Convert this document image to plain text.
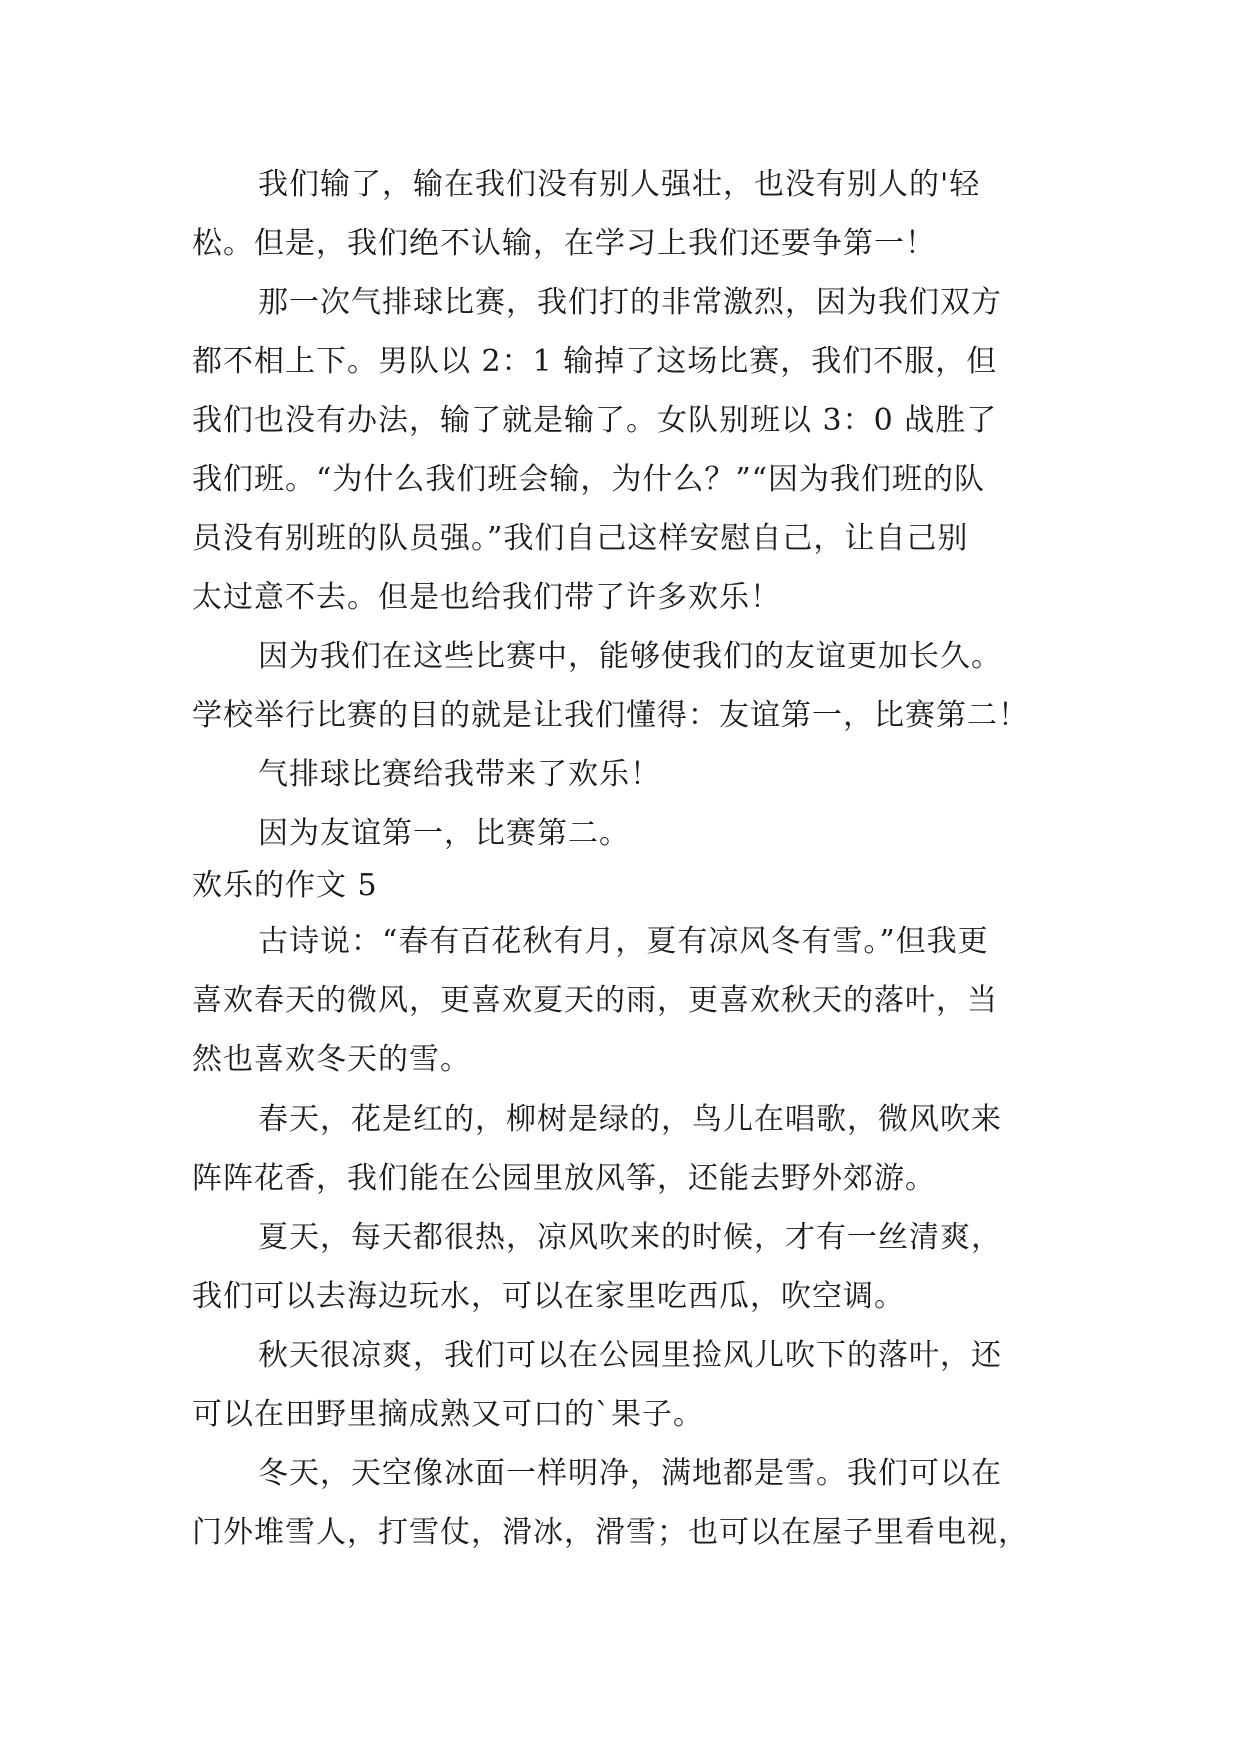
我们输了，输在我们没有别人强壮，也没有别人的'轻
松。但是，我们绝不认输，在学习上我们还要争第一！
那一次气排球比赛，我们打的非常激烈，因为我们双方
都不相上下。男队以 2：1 输掉了这场比赛，我们不服，但
我们也没有办法，输了就是输了。女队别班以 3：0 战胜了
我们班。“为什么我们班会输，为什么？”“因为我们班的队
员没有别班的队员强。”我们自己这样安慰自己，让自己别
太过意不去。但是也给我们带了许多欢乐！
因为我们在这些比赛中，能够使我们的友谊更加长久。
学校举行比赛的目的就是让我们懂得：友谊第一，比赛第二！
气排球比赛给我带来了欢乐！
因为友谊第一，比赛第二。
欢乐的作文 5
古诗说：“春有百花秋有月，夏有凉风冬有雪。”但我更
喜欢春天的微风，更喜欢夏天的雨，更喜欢秋天的落叶，当
然也喜欢冬天的雪。
春天，花是红的，柳树是绿的，鸟儿在唱歌，微风吹来
阵阵花香，我们能在公园里放风筝，还能去野外郊游。
夏天，每天都很热，凉风吹来的时候，才有一丝清爽，
我们可以去海边玩水，可以在家里吃西瓜，吹空调。
秋天很凉爽，我们可以在公园里捡风儿吹下的落叶，还
可以在田野里摘成熟又可口的`果子。
冬天，天空像冰面一样明净，满地都是雪。我们可以在
门外堆雪人，打雪仗，滑冰，滑雪；也可以在屋子里看电视，
